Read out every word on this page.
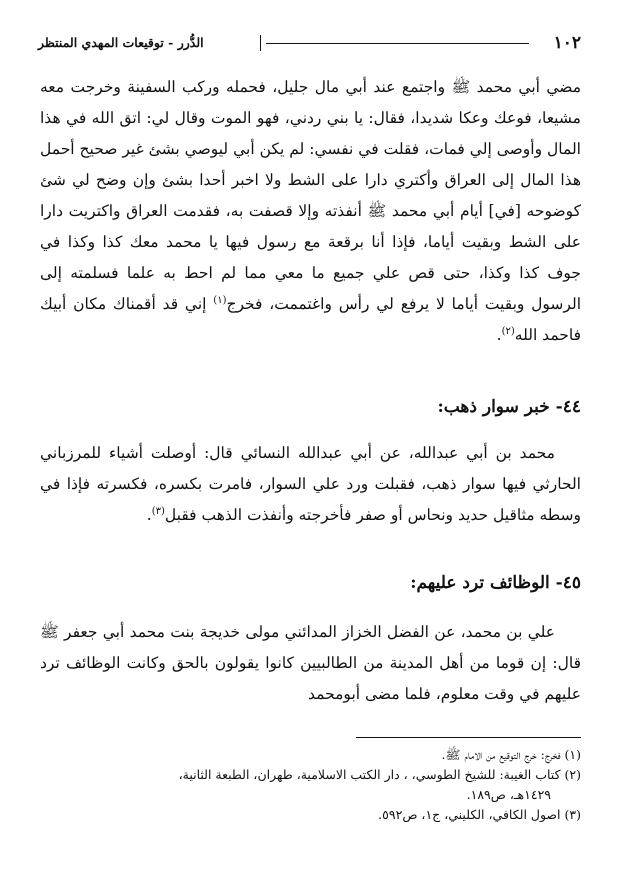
١٠٢
الدُّرر - توقيعات المهدي المنتظر

مضي أبي محمد ﷺ واجتمع عند أبي مال جليل، فحمله وركب السفينة وخرجت معه مشيعا، فوعك وعكا شديدا، فقال: يا بني ردني، فهو الموت وقال لي: اتق الله في هذا المال وأوصى إلي فمات، فقلت في نفسي: لم يكن أبي ليوصي بشئ غير صحيح أحمل هذا المال إلى العراق وأكتري دارا على الشط ولا اخبر أحدا بشئ وإن وضح لي شئ كوضوحه [في] أيام أبي محمد ﷺ أنفذته وإلا قصفت به، فقدمت العراق واكتريت دارا على الشط وبقيت أياما، فإذا أنا برقعة مع رسول فيها يا محمد معك كذا وكذا في جوف كذا وكذا، حتى قص علي جميع ما معي مما لم احط به علما فسلمته إلى الرسول وبقيت أياما لا يرفع لي رأس واغتممت، فخرج$^{(١)}$ إني قد أقمناك مكان أبيك فاحمد الله$^{(٢)}$.

٤٤- خبر سوار ذهب:

محمد بن أبي عبدالله، عن أبي عبدالله النسائي قال: أوصلت أشياء للمرزباني الحارثي فيها سوار ذهب، فقبلت ورد علي السوار، فامرت بكسره، فكسرته فإذا في وسطه مثاقيل حديد ونحاس أو صفر فأخرجته وأنفذت الذهب فقبل$^{(٣)}$.

٤٥- الوظائف ترد عليهم:

علي بن محمد، عن الفضل الخزاز المدائني مولى خديجة بنت محمد أبي جعفر ﷺ قال: إن قوما من أهل المدينة من الطالبيين كانوا يقولون بالحق وكانت الوظائف ترد عليهم في وقت معلوم، فلما مضى أبومحمد

(١) فخرج: خرج التوقيع من الامام ﷺ.
(٢) كتاب الغيبة: للشيخ الطوسي، ، دار الكتب الاسلامية، طهران، الطبعة الثانية،
١٤٢٩هـ، ص١٨٩.
(٣) اصول الكافي، الكليني، ج١، ص٥٩٢.
